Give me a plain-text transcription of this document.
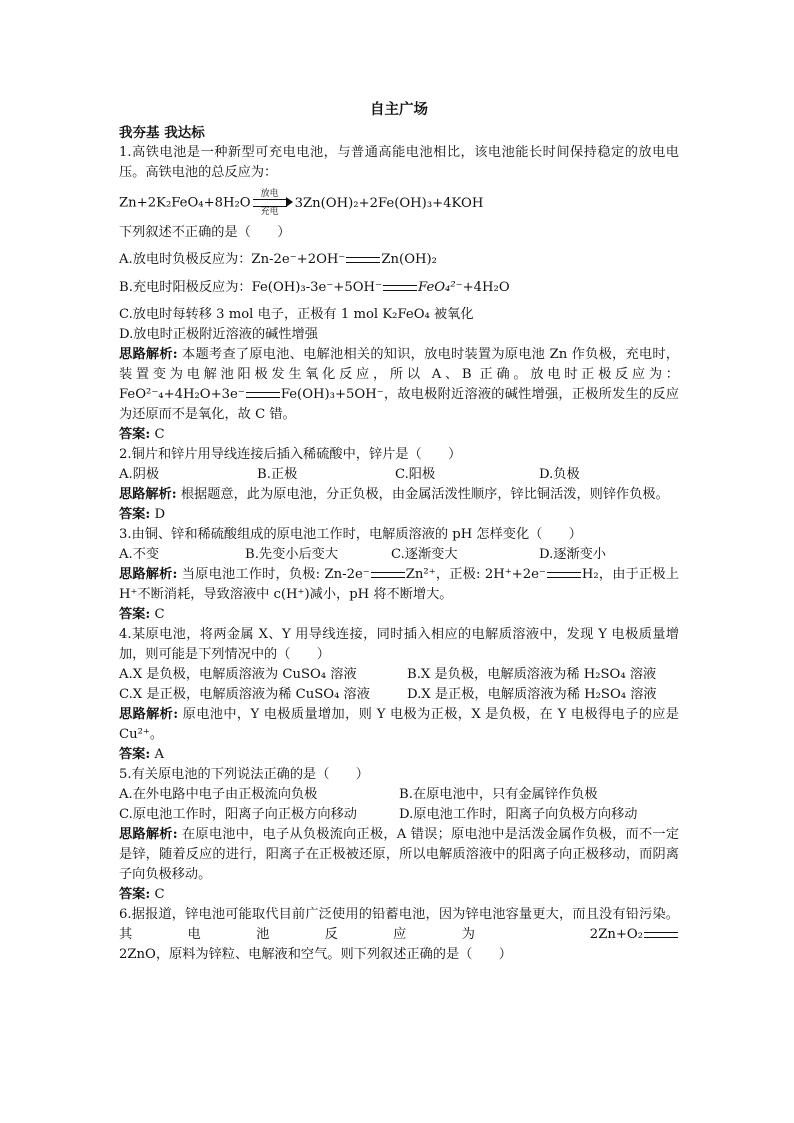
自主广场
我夯基 我达标

1.高铁电池是一种新型可充电电池，与普通高能电池相比，该电池能长时间保持稳定的放电电压。高铁电池的总反应为：

Zn+2K₂FeO₄+8H₂O
放电
充电
3Zn(OH)₂+2Fe(OH)₃+4KOH

下列叙述不正确的是（　　）

A.放电时负极反应为：Zn-2e⁻+2OH⁻	Zn(OH)₂

B.充电时阳极反应为：Fe(OH)₃-3e⁻+5OH⁻	FeO₄²⁻+4H₂O

C.放电时每转移 3 mol 电子，正极有 1 mol K₂FeO₄ 被氧化

D.放电时正极附近溶液的碱性增强

思路解析: 本题考查了原电池、电解池相关的知识，放电时装置为原电池 Zn 作负极，充电时，装置变为电解池阳极发生氧化反应，所以 A、B 正确。放电时正极反应为：FeO²⁻₄+4H₂O+3e⁻	Fe(OH)₃+5OH⁻，故电极附近溶液的碱性增强，正极所发生的反应为还原而不是氧化，故 C 错。

答案: C

2.铜片和锌片用导线连接后插入稀硫酸中，锌片是（　　）

A.阴极	B.正极	C.阳极	D.负极

思路解析: 根据题意，此为原电池，分正负极，由金属活泼性顺序，锌比铜活泼，则锌作负极。

答案: D

3.由铜、锌和稀硫酸组成的原电池工作时，电解质溶液的 pH 怎样变化（　　）

A.不变	B.先变小后变大	C.逐渐变大	D.逐渐变小

思路解析: 当原电池工作时，负极: Zn-2e⁻	Zn²⁺，正极: 2H⁺+2e⁻	H₂，由于正极上 H⁺不断消耗，导致溶液中 c(H⁺)减小，pH 将不断增大。

答案: C

4.某原电池，将两金属 X、Y 用导线连接，同时插入相应的电解质溶液中，发现 Y 电极质量增加，则可能是下列情况中的（　　）

A.X 是负极，电解质溶液为 CuSO₄ 溶液	B.X 是负极，电解质溶液为稀 H₂SO₄ 溶液
C.X 是正极，电解质溶液为稀 CuSO₄ 溶液	D.X 是正极，电解质溶液为稀 H₂SO₄ 溶液

思路解析: 原电池中，Y 电极质量增加，则 Y 电极为正极，X 是负极，在 Y 电极得电子的应是 Cu²⁺。

答案: A

5.有关原电池的下列说法正确的是（　　）

A.在外电路中电子由正极流向负极	B.在原电池中，只有金属锌作负极
C.原电池工作时，阳离子向正极方向移动	D.原电池工作时，阳离子向负极方向移动

思路解析: 在原电池中，电子从负极流向正极，A 错误；原电池中是活泼金属作负极，而不一定是锌，随着反应的进行，阳离子在正极被还原，所以电解质溶液中的阳离子向正极移动，而阴离子向负极移动。

答案: C

6.据报道，锌电池可能取代目前广泛使用的铅蓄电池，因为锌电池容量更大，而且没有铅污染。其电池反应为 2Zn+O₂2ZnO，原料为锌粒、电解液和空气。则下列叙述正确的是（　　）
